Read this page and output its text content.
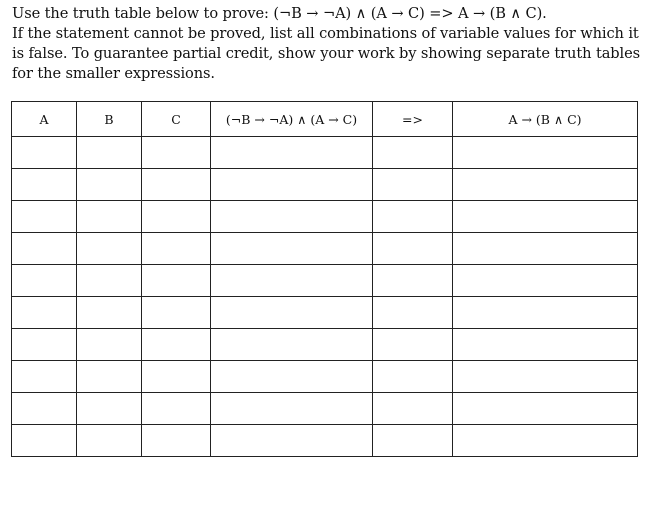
Use the truth table below to prove: (¬B → ¬A) ∧ (A → C) => A → (B ∧ C).

If the statement cannot be proved, list all combinations of variable values for which it is false. To guarantee partial credit, show your work by showing separate truth tables for the smaller expressions.

A	B	C	(¬B → ¬A) ∧ (A → C)	=>	A → (B ∧ C)
